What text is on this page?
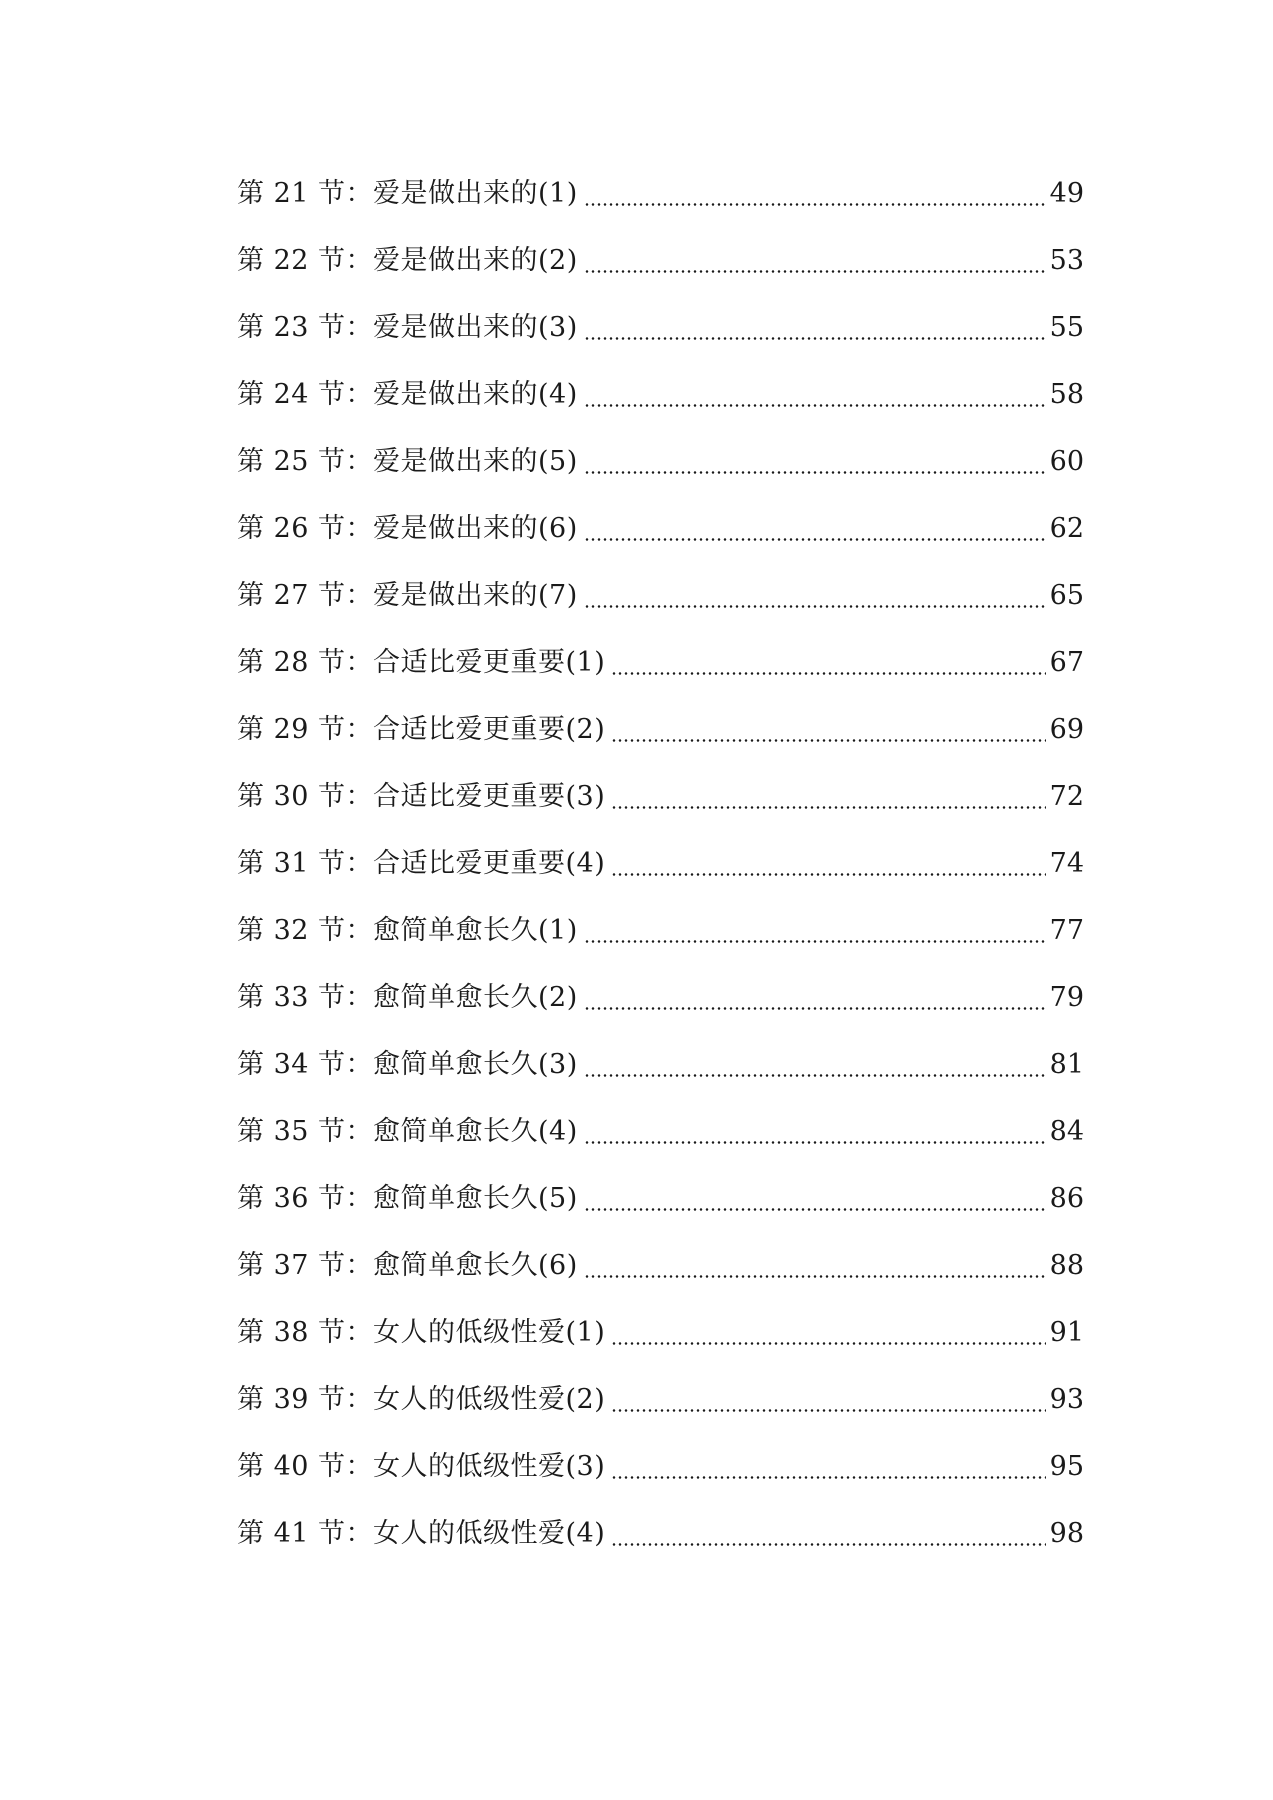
第 21 节：爱是做出来的(1)	49
第 22 节：爱是做出来的(2)	53
第 23 节：爱是做出来的(3)	55
第 24 节：爱是做出来的(4)	58
第 25 节：爱是做出来的(5)	60
第 26 节：爱是做出来的(6)	62
第 27 节：爱是做出来的(7)	65
第 28 节：合适比爱更重要(1)	67
第 29 节：合适比爱更重要(2)	69
第 30 节：合适比爱更重要(3)	72
第 31 节：合适比爱更重要(4)	74
第 32 节：愈简单愈长久(1)	77
第 33 节：愈简单愈长久(2)	79
第 34 节：愈简单愈长久(3)	81
第 35 节：愈简单愈长久(4)	84
第 36 节：愈简单愈长久(5)	86
第 37 节：愈简单愈长久(6)	88
第 38 节：女人的低级性爱(1)	91
第 39 节：女人的低级性爱(2)	93
第 40 节：女人的低级性爱(3)	95
第 41 节：女人的低级性爱(4)	98
